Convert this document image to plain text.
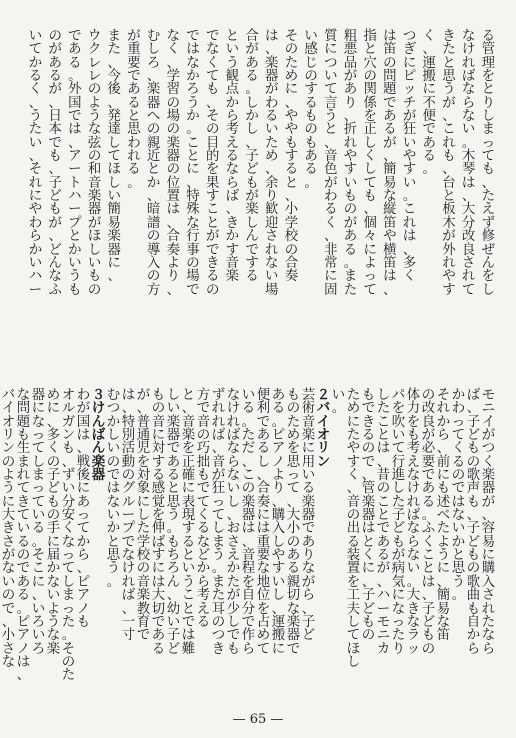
る
管
理
を
と
り
し
ま
っ
て
も
、
た
え
ず
修
ぜ
ん
を
し
な
け
れ
ば
な
ら
な
い
。
木
琴
は
、
大
分
改
良
さ
れ
て
き
た
と
思
う
が
、
こ
れ
も
、
台
と
板
木
が
外
れ
や
す
く
、
運
搬
に
不
便
で
あ
る
。
つ
ぎ
に
ピ
ッ
チ
が
狂
い
や
す
い
。
こ
れ
は
、
多
く
は
笛
の
問
題
で
あ
る
が
、
簡
易
な
縦
笛
や
横
笛
は
、
指
と
穴
の
関
係
を
正
し
く
し
て
も
、
個
々
に
よ
っ
て
粗
悪
品
が
あ
り
、
折
れ
や
す
い
も
の
が
あ
る
。
ま
た
質
に
つ
い
て
言
う
と
、
音
色
が
わ
る
く
、
非
常
に
固
い
感
じ
の
す
る
も
の
も
あ
る
。
そ
の
た
め
に
、
や
や
も
す
る
と
、
小
学
校
の
合
奏
は
、
楽
器
が
わ
る
い
た
め
、
余
り
歓
迎
さ
れ
な
い
場
合
が
あ
る
。
し
か
し
、
子
ど
も
が
楽
し
ん
で
す
る
と
い
う
観
点
か
ら
考
え
る
な
ら
ば
、
き
か
す
音
楽
で
な
く
て
も
、
そ
の
目
的
を
果
す
こ
と
が
で
き
る
の
で
は
な
か
ろ
う
か
。
こ
と
に
、
特
殊
な
行
事
の
場
で
な
く
、
学
習
の
場
の
楽
器
の
位
置
は
、
合
奏
よ
り
、
む
し
ろ
、
楽
器
へ
の
親
近
と
か
、
暗
譜
の
導
入
の
方
が
重
要
で
あ
る
と
思
わ
れ
る
。
ま
た
、
今
後
、
発
達
し
て
ほ
し
い
簡
易
楽
器
に
、
ウ
ク
レ
レ
の
よ
う
な
弦
の
和
音
楽
器
が
ほ
し
い
も
の
で
あ
る
。
外
国
で
は
、
ア
ー
ト
ハ
ー
プ
と
か
い
う
も
の
が
あ
る
が
、
日
本
で
も
、
子
ど
も
が
、
ど
ん
な
ふ
い
て
か
る
く
、
う
た
い
、
そ
れ
に
や
わ
ら
か
い
ハ
ー
モ
ニ
イ
が
つ
く
楽
器
が
、
容
易
に
購
入
さ
れ
た
な
ら
ば
、
子
ど
も
の
歌
声
も
、
子
ど
も
の
歌
曲
も
自
か
ら
か
わ
っ
て
く
る
の
で
は
な
い
か
と
思
う
。
そ
れ
か
ら
、
前
に
も
述
べ
た
よ
う
に
、
簡
易
な
笛
の
改
良
が
必
要
で
あ
る
。
ふ
く
こ
と
は
、
子
ど
も
の
体
力
を
も
考
え
な
け
れ
ば
な
ら
な
い
。
大
き
な
ラ
ッ
パ
を
吹
い
て
行
進
し
た
子
ど
も
が
病
気
に
な
っ
た
り
し
た
こ
と
は
、
昔
の
こ
と
で
あ
る
が
、
ハ
ー
モ
ニ
カ
も
で
き
る
の
で
、
管
楽
器
は
と
く
に
、
子
ど
も
の
た
め
に
た
や
す
く
、
音
の
出
る
装
置
を
工
夫
し
て
ほ
し
い
。
２
バ
イ
オ
リ
ン
芸
術
音
楽
に
用
い
る
楽
器
で
あ
り
な
が
ら
、
子
ど
も
の
た
め
を
思
っ
て
、
大
小
の
あ
る
親
切
な
楽
器
で
あ
る
。
ピ
ア
ノ
よ
り
、
購
入
し
や
す
い
し
、
運
搬
に
便
利
で
あ
る
し
、
合
奏
に
は
重
要
な
地
位
を
占
め
て
い
る
。
た
だ
、
こ
の
楽
器
は
、
音
程
を
自
分
で
作
ら
な
け
れ
ば
な
ら
な
い
し
、
お
さ
え
か
た
が
少
し
で
も
ず
れ
れ
ば
、
音
が
狂
っ
て
し
ま
う
。
ま
た
耳
の
つ
き
方
で
音
の
巧
拙
も
で
て
く
る
な
ど
か
ら
考
え
る
と
、
音
楽
を
正
確
に
表
現
す
る
と
い
う
こ
と
で
は
難
し
い
楽
器
で
あ
る
と
思
う
。
も
ち
ろ
ん
、
幼
い
子
ど
も
の
音
に
対
す
る
感
覚
を
伸
ば
す
に
は
大
切
で
あ
る
が
、
普
通
児
を
対
象
に
し
た
学
校
の
音
楽
教
育
で
は
、
特
別
活
動
の
グ
ル
ー
プ
で
な
け
れ
ば
、
一
寸
む
つ
か
し
い
の
で
は
な
い
か
と
思
う
。
３
け
ん
ば
ん
楽
器
わ
が
国
は
、
戦
後
に
あ
っ
て
か
ら
、
ピ
ア
ノ
も
オ
ル
ガ
ン
も
、
ず
い
分
安
く
な
っ
て
し
ま
っ
た
。
そ
の
た
め
に
、
多
く
の
子
ど
も
の
手
に
届
か
な
い
よ
う
な
楽
器
に
な
っ
て
し
ま
っ
て
い
る
。
そ
こ
に
、
い
ろ
い
ろ
な
問
題
も
生
ま
れ
て
き
て
い
る
の
で
あ
る
。
ピ
ア
ノ
は
、
バ
イ
オ
リ
ン
の
よ
う
に
大
き
さ
が
な
い
の
で
、
小
さ
な
— 65 —
